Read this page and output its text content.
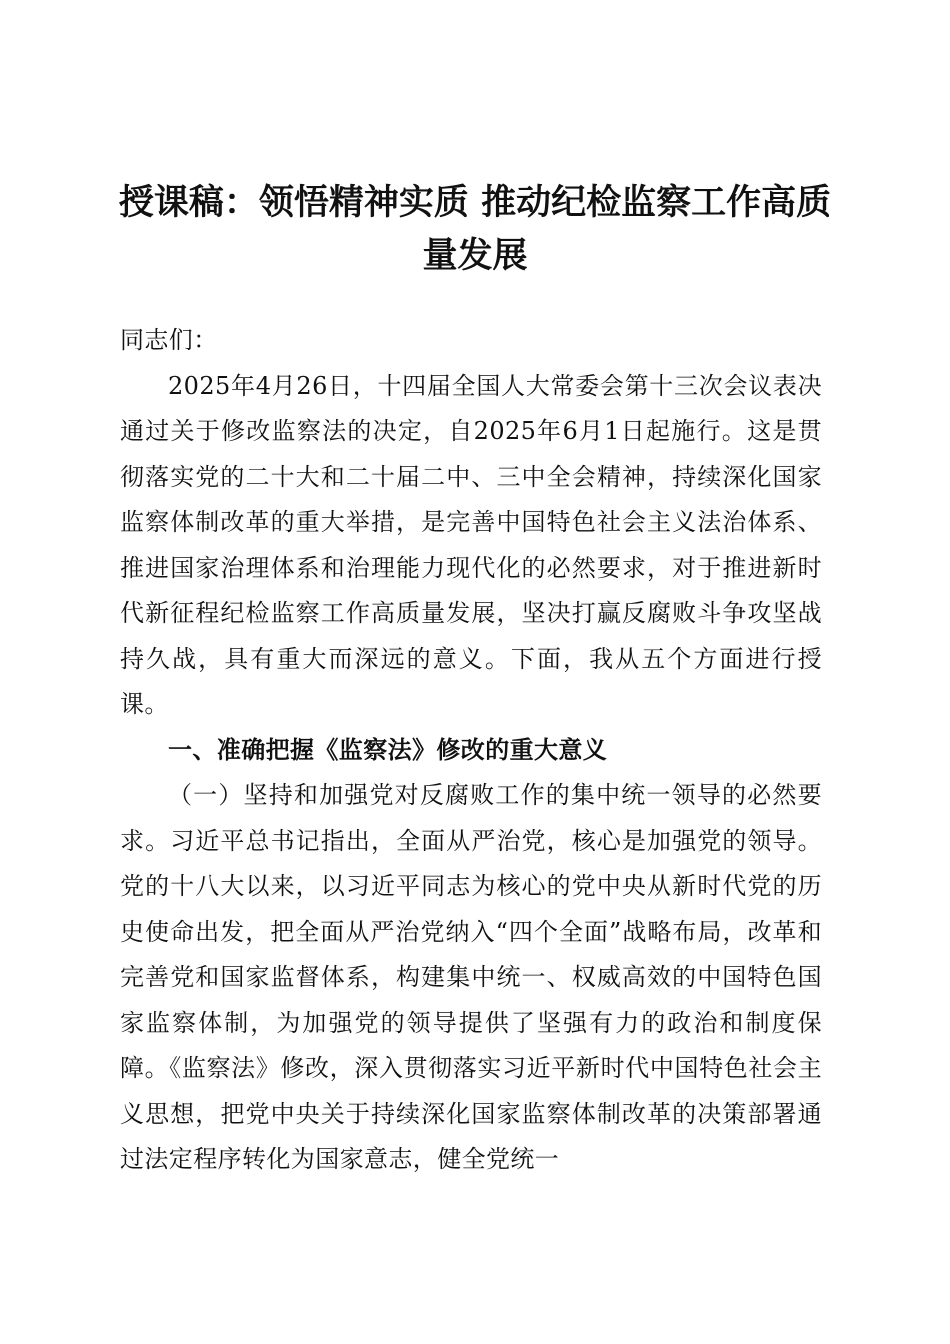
授课稿：领悟精神实质 推动纪检监察工作高质量发展

同志们：

2025年4月26日，十四届全国人大常委会第十三次会议表决通过关于修改监察法的决定，自2025年6月1日起施行。这是贯彻落实党的二十大和二十届二中、三中全会精神，持续深化国家监察体制改革的重大举措，是完善中国特色社会主义法治体系、推进国家治理体系和治理能力现代化的必然要求，对于推进新时代新征程纪检监察工作高质量发展，坚决打赢反腐败斗争攻坚战持久战，具有重大而深远的意义。下面，我从五个方面进行授课。

一、准确把握《监察法》修改的重大意义

（一）坚持和加强党对反腐败工作的集中统一领导的必然要求。习近平总书记指出，全面从严治党，核心是加强党的领导。党的十八大以来，以习近平同志为核心的党中央从新时代党的历史使命出发，把全面从严治党纳入“四个全面”战略布局，改革和完善党和国家监督体系，构建集中统一、权威高效的中国特色国家监察体制，为加强党的领导提供了坚强有力的政治和制度保障。《监察法》修改，深入贯彻落实习近平新时代中国特色社会主义思想，把党中央关于持续深化国家监察体制改革的决策部署通过法定程序转化为国家意志，健全党统一
